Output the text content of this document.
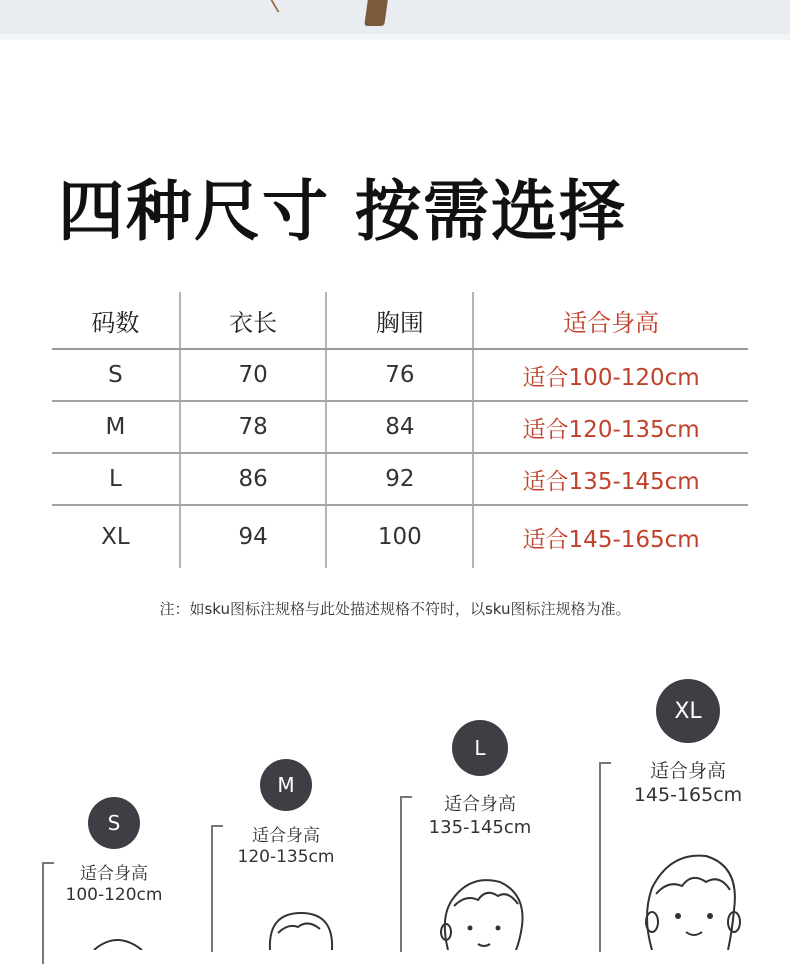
四种尺寸 按需选择
码数	衣长	胸围	适合身高
S	70	76	适合100-120cm
M	78	84	适合120-135cm
L	86	92	适合135-145cm
XL	94	100	适合145-165cm
注：如sku图标注规格与此处描述规格不符时，以sku图标注规格为准。
S
适合身高
100-120cm
M
适合身高
120-135cm
L
适合身高
135-145cm
XL
适合身高
145-165cm
